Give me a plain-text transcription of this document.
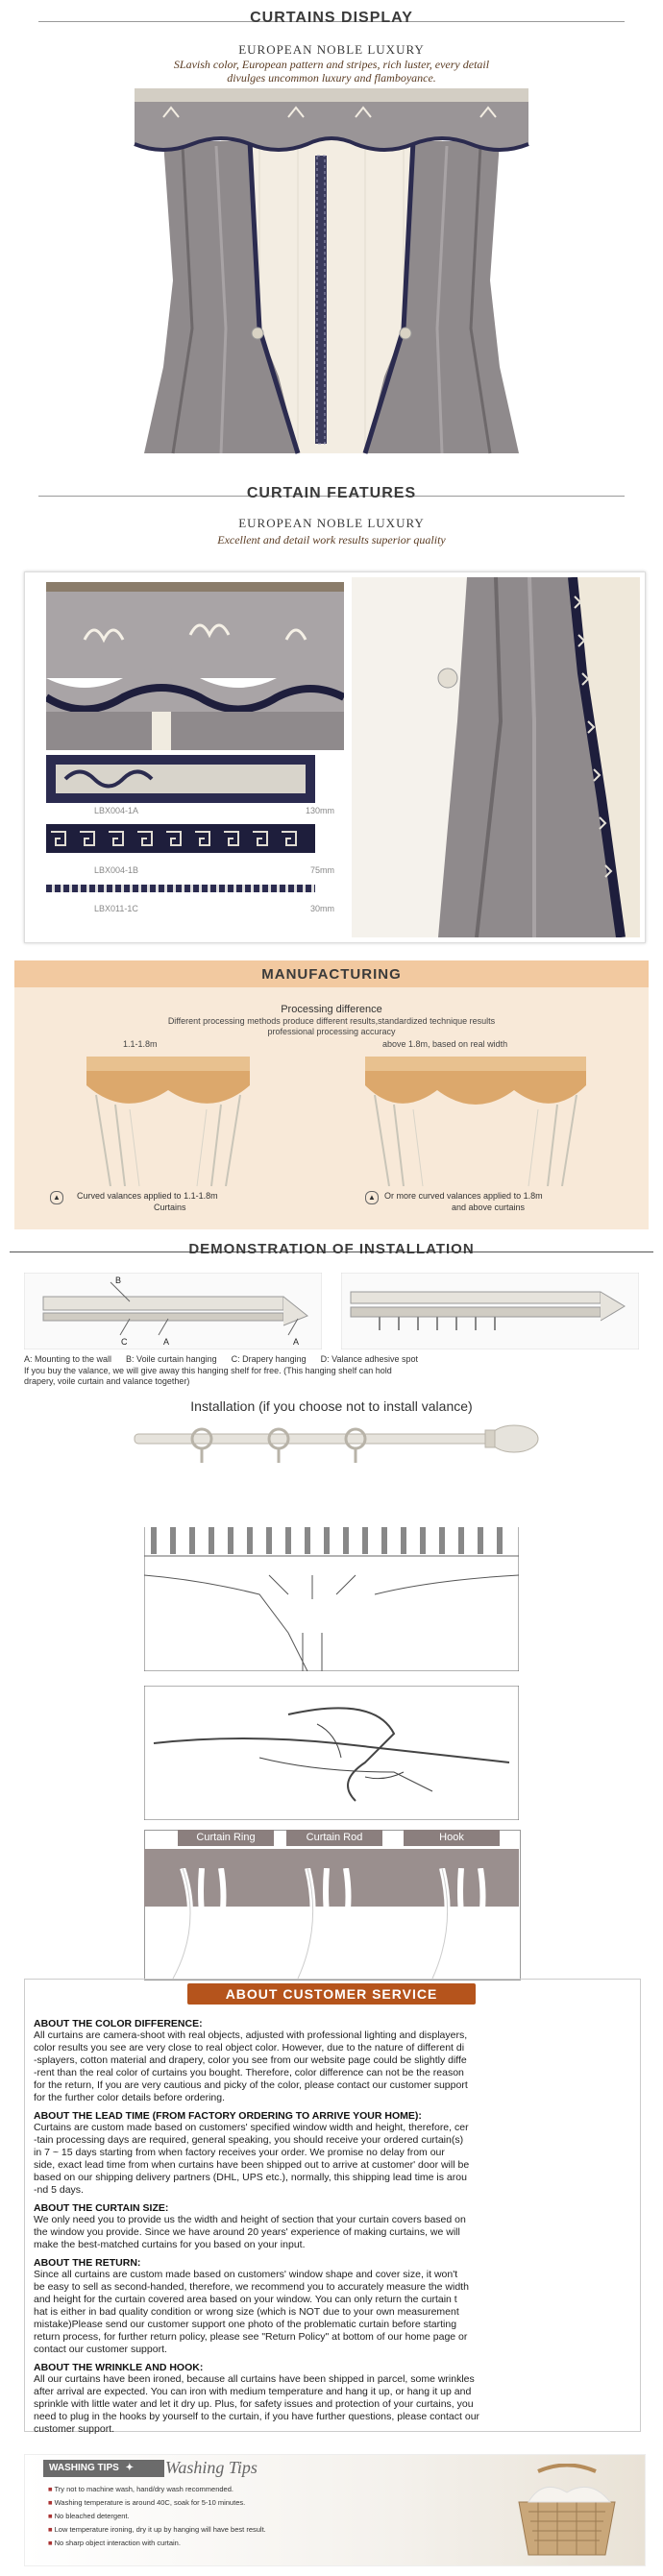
CURTAINS DISPLAY
EUROPEAN NOBLE LUXURY
SLavish color, European pattern and stripes, rich luster, every detail
divulges uncommon luxury and flamboyance.
CURTAIN FEATURES
EUROPEAN NOBLE LUXURY
Excellent and detail work results superior quality
LBX004-1A	130mm
LBX004-1B	75mm
LBX011-1C	30mm
MANUFACTURING
Processing difference
Different processing methods produce different results,standardized technique results
professional processing accuracy
1.1-1.8m	above 1.8m, based on real width
▲	Curved valances applied to 1.1-1.8m
Curtains
▲	Or more curved valances applied to 1.8m
and above curtains
DEMONSTRATION OF INSTALLATION
B
C	A	A
A: Mounting to the wall      B: Voile curtain hanging      C: Drapery hanging      D: Valance adhesive spot
If you buy the valance, we will give away this hanging shelf for free. (This hanging shelf can hold
drapery, voile curtain and valance together)
Installation (if you choose not to install valance)
Curtain Ring	Curtain Rod	Hook
ABOUT CUSTOMER SERVICE
ABOUT THE COLOR DIFFERENCE:
All curtains are camera-shoot with real objects, adjusted with professional lighting and displayers,
color results you see are very close to real object color. However, due to the nature of different di
-splayers, cotton material and drapery, color you see from our website page could be slightly diffe
-rent than the real color of curtains you bought. Therefore, color difference can not be the reason
for the return, If you are very cautious and picky of the color, please contact our customer support
for the further color details before ordering.
ABOUT THE LEAD TIME (FROM FACTORY ORDERING TO ARRIVE YOUR HOME):
Curtains are custom made based on customers' specified window width and height, therefore, cer
-tain processing days are required, general speaking, you should receive your ordered curtain(s)
in 7 ~ 15 days starting from when factory receives your order. We promise no delay from our
side, exact lead time from when curtains have been shipped out to arrive at customer' door will be
based on our shipping delivery partners (DHL, UPS etc.), normally, this shipping lead time is arou
-nd 5 days.
ABOUT THE CURTAIN SIZE:
We only need you to provide us the width and height of section that your curtain covers based on
the window you provide. Since we have around 20 years' experience of making curtains, we will
make the best-matched curtains for you based on your input.
ABOUT THE RETURN:
Since all curtains are custom made based on customers' window shape and cover size, it won't
be easy to sell as second-handed, therefore, we recommend you to accurately measure the width
and height for the curtain covered area based on your window. You can only return the curtain t
hat is either in bad quality condition or wrong size (which is NOT due to your own measurement
mistake)Please send our customer support one photo of the problematic curtain before starting
return process, for further return policy, please see "Return Policy" at bottom of our home page or
contact our customer support.
ABOUT THE WRINKLE AND HOOK:
All our curtains have been ironed, because all curtains have been shipped in parcel, some wrinkles
after arrival are expected. You can iron with medium temperature and hang it up, or hang it up and
sprinkle with little water and let it dry up. Plus, for safety issues and protection of your curtains, you
need to plug in the hooks by yourself to the curtain, if you have further questions, please contact our
customer support.
WASHING TIPS ✦	Washing Tips
■ Try not to machine wash, hand/dry wash recommended.
■ Washing temperature is around 40C, soak for 5-10 minutes.
■ No bleached detergent.
■ Low temperature ironing, dry it up by hanging will have best result.
■ No sharp object interaction with curtain.
